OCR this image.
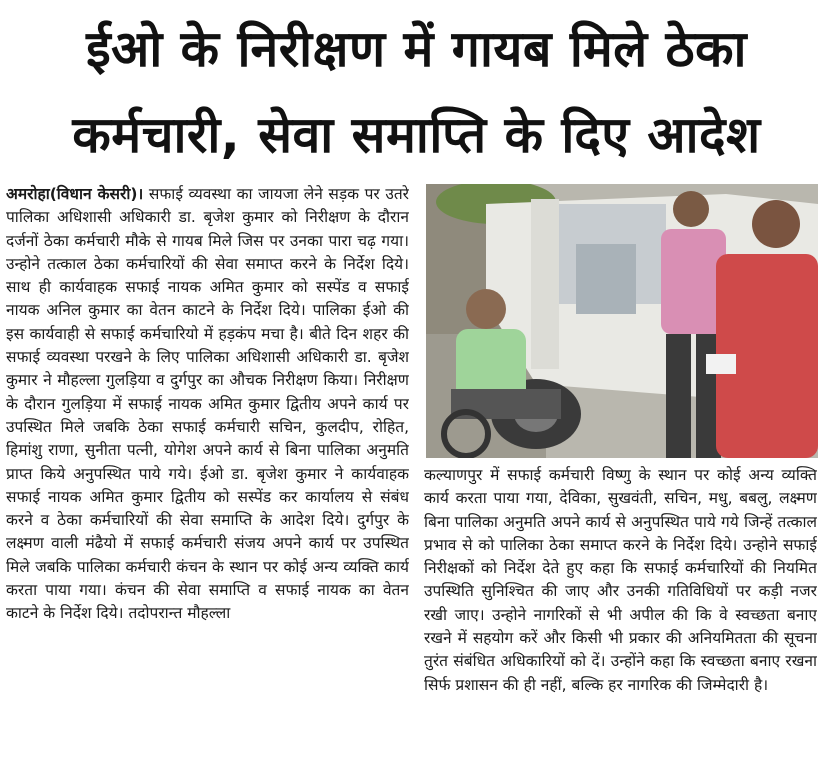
ईओ के निरीक्षण में गायब मिले ठेका
कर्मचारी, सेवा समाप्ति के दिए आदेश
अमरोहा(विधान केसरी)। सफाई व्यवस्था का जायजा लेने सड़क पर उतरे पालिका अधिशासी अधिकारी डा. बृजेश कुमार को निरीक्षण के दौरान दर्जनों ठेका कर्मचारी मौके से गायब मिले जिस पर उनका पारा चढ़ गया। उन्होने तत्काल ठेका कर्मचारियों की सेवा समाप्त करने के निर्देश दिये। साथ ही कार्यवाहक सफाई नायक अमित कुमार को सस्पेंड व सफाई नायक अनिल कुमार का वेतन काटने के निर्देश दिये। पालिका ईओ की इस कार्यवाही से सफाई कर्मचारियो में हड़कंप मचा है। बीते दिन शहर की सफाई व्यवस्था परखने के लिए पालिका अधिशासी अधिकारी डा. बृजेश कुमार ने मौहल्ला गुलड़िया व दुर्गपुर का औचक निरीक्षण किया। निरीक्षण के दौरान गुलड़िया में सफाई नायक अमित कुमार द्वितीय अपने कार्य पर उपस्थित मिले जबकि ठेका सफाई कर्मचारी सचिन, कुलदीप, रोहित, हिमांशु राणा, सुनीता पत्नी, योगेश अपने कार्य से बिना पालिका अनुमति प्राप्त किये अनुपस्थित पाये गये। ईओ डा. बृजेश कुमार ने कार्यवाहक सफाई नायक अमित कुमार द्वितीय को सस्पेंड कर कार्यालय से संबंध करने व ठेका कर्मचारियों की सेवा समाप्ति के आदेश दिये। दुर्गपुर के लक्ष्मण वाली मंढैयो में सफाई कर्मचारी संजय अपने कार्य पर उपस्थित मिले जबकि पालिका कर्मचारी कंचन के स्थान पर कोई अन्य व्यक्ति कार्य करता पाया गया। कंचन की सेवा समाप्ति व सफाई नायक का वेतन काटने के निर्देश दिये। तदोपरान्त मौहल्ला
कल्याणपुर में सफाई कर्मचारी विष्णु के स्थान पर कोई अन्य व्यक्ति कार्य करता पाया गया, देविका, सुखवंती, सचिन, मधु, बबलु, लक्ष्मण बिना पालिका अनुमति अपने कार्य से अनुपस्थित पाये गये जिन्हें तत्काल प्रभाव से को पालिका ठेका समाप्त करने के निर्देश दिये। उन्होने सफाई निरीक्षकों को निर्देश देते हुए कहा कि सफाई कर्मचारियों की नियमित उपस्थिति सुनिश्चित की जाए और उनकी गतिविधियों पर कड़ी नजर रखी जाए। उन्होने नागरिकों से भी अपील की कि वे स्वच्छता बनाए रखने में सहयोग करें और किसी भी प्रकार की अनियमितता की सूचना तुरंत संबंधित अधिकारियों को दें। उन्होंने कहा कि स्वच्छता बनाए रखना सिर्फ प्रशासन की ही नहीं, बल्कि हर नागरिक की जिम्मेदारी है।
